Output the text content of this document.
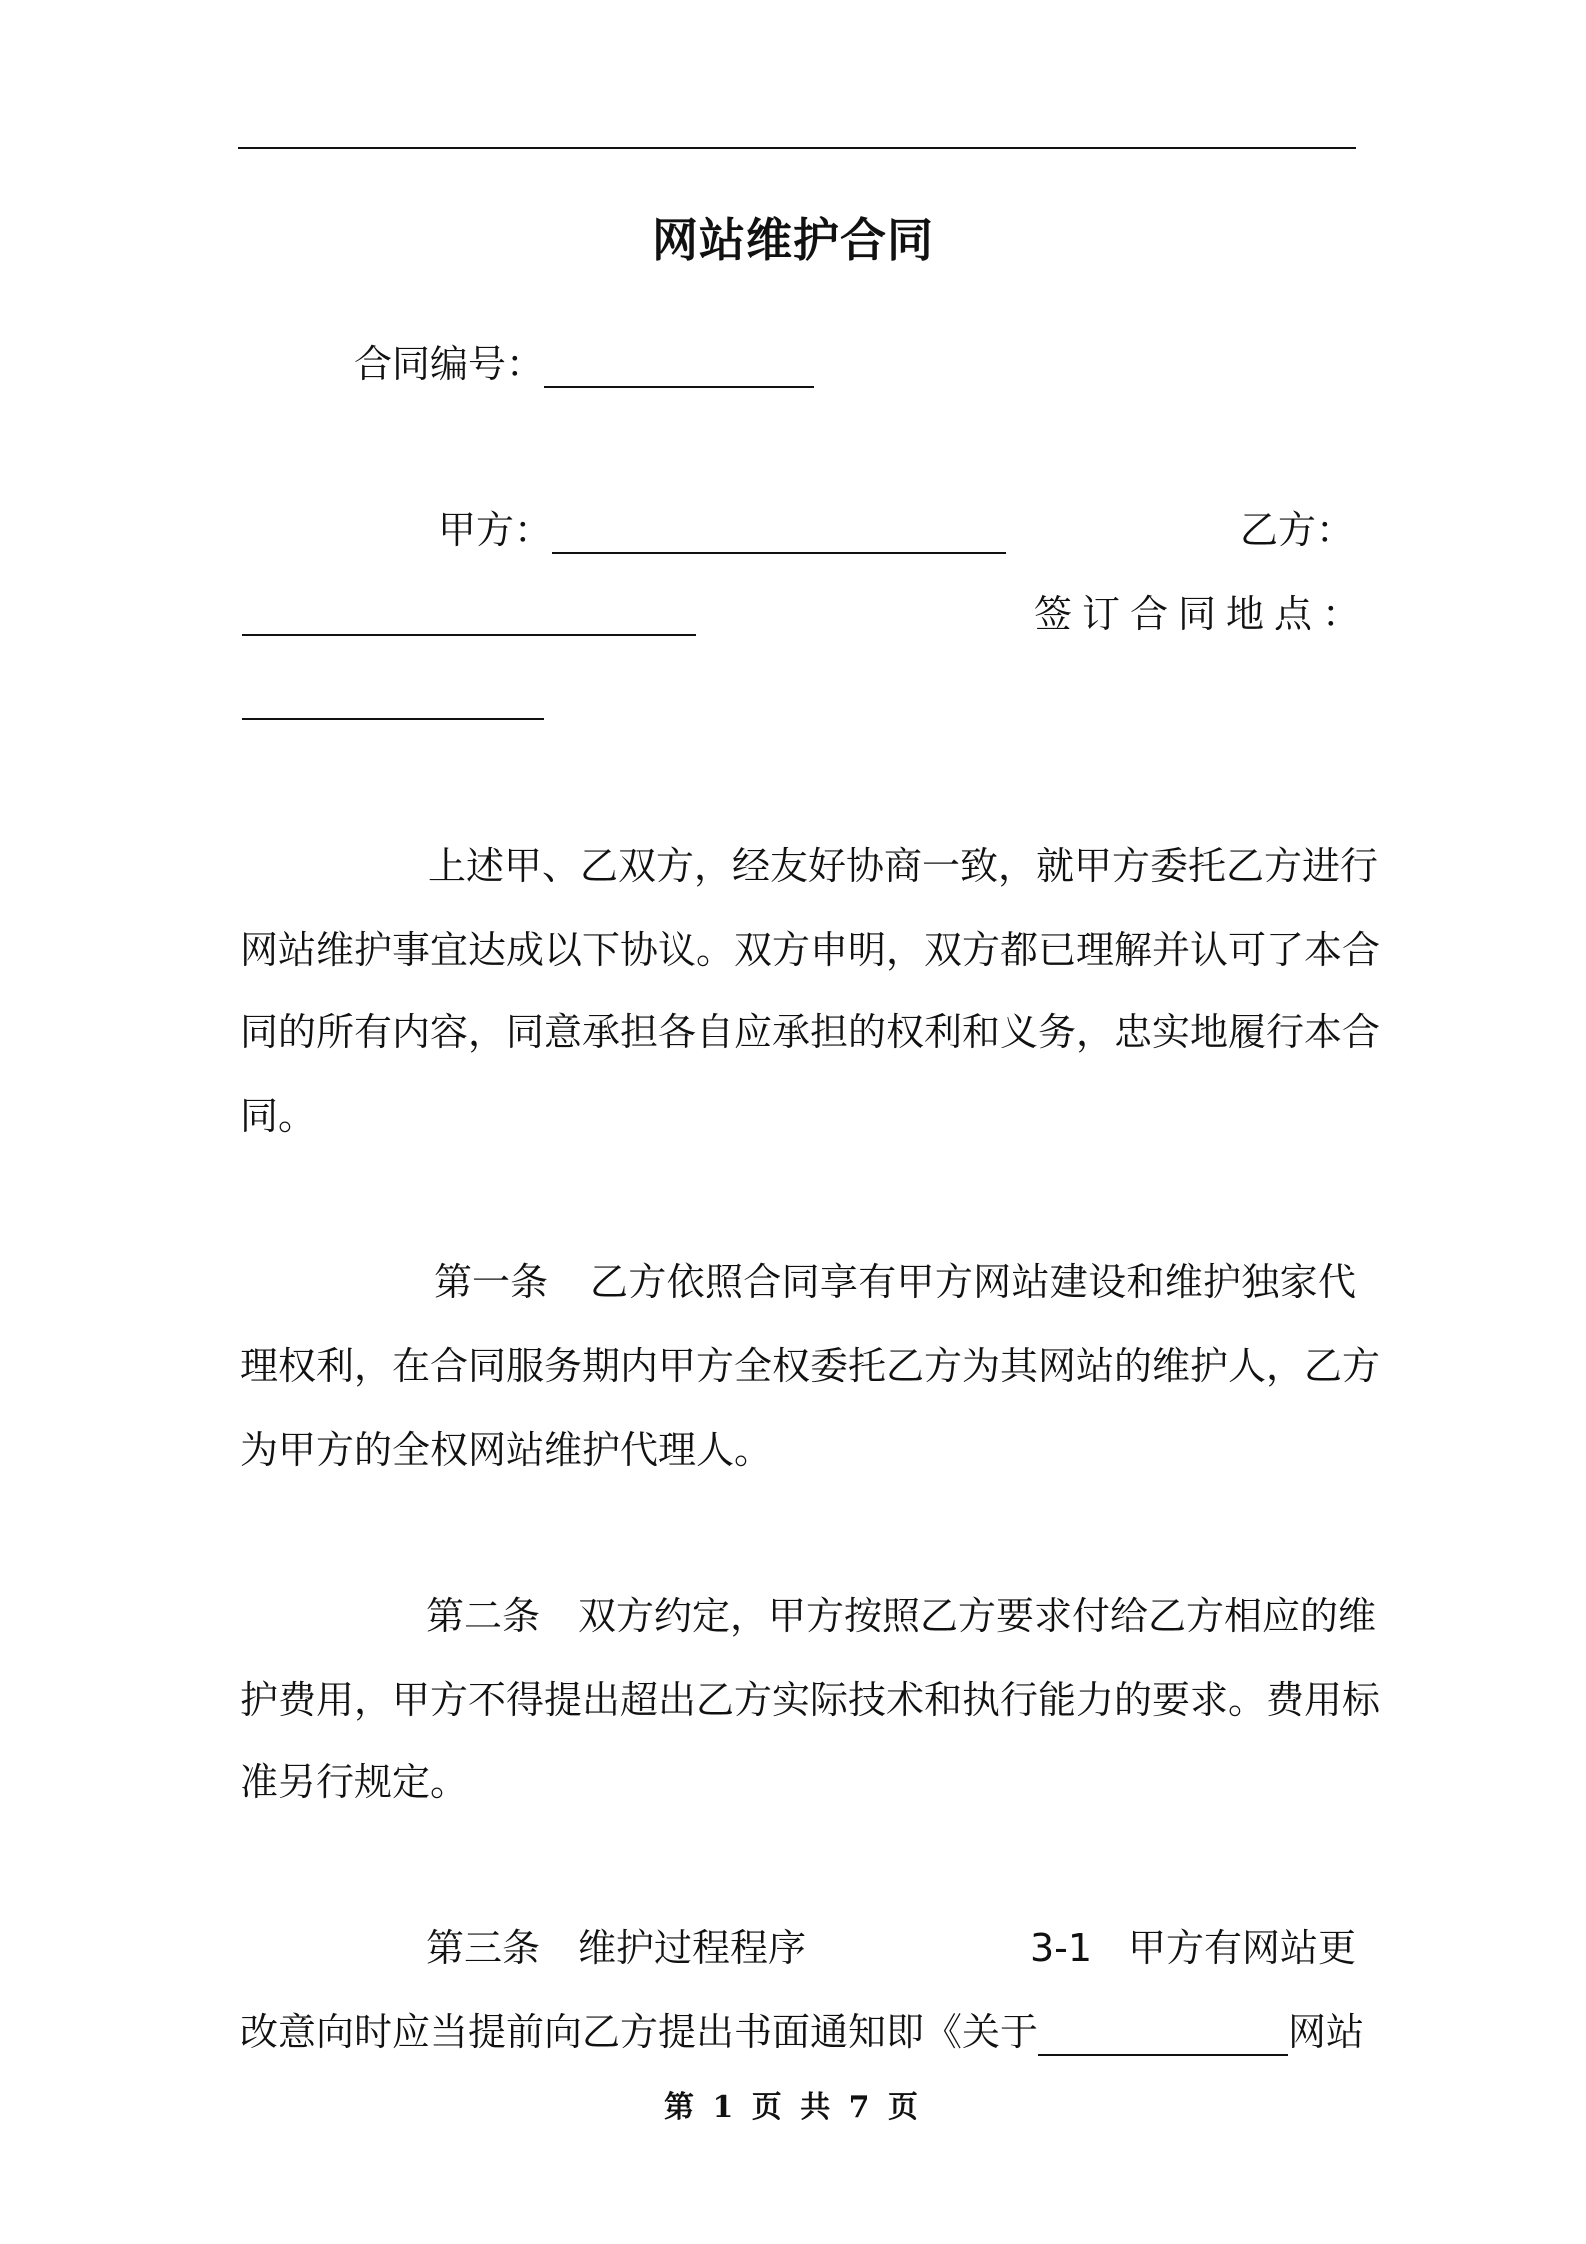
网站维护合同
合同编号：
甲方：	乙方：
签订合同地点：
上述甲、乙双方，经友好协商一致，就甲方委托乙方进行
网站维护事宜达成以下协议。双方申明，双方都已理解并认可了本合
同的所有内容，同意承担各自应承担的权利和义务，忠实地履行本合
同。
第一条 乙方依照合同享有甲方网站建设和维护独家代
理权利，在合同服务期内甲方全权委托乙方为其网站的维护人，乙方
为甲方的全权网站维护代理人。
第二条 双方约定，甲方按照乙方要求付给乙方相应的维
护费用，甲方不得提出超出乙方实际技术和执行能力的要求。费用标
准另行规定。
第三条 维护过程程序	3-1 甲方有网站更
改意向时应当提前向乙方提出书面通知即《关于	网站
第 1 页 共 7 页
